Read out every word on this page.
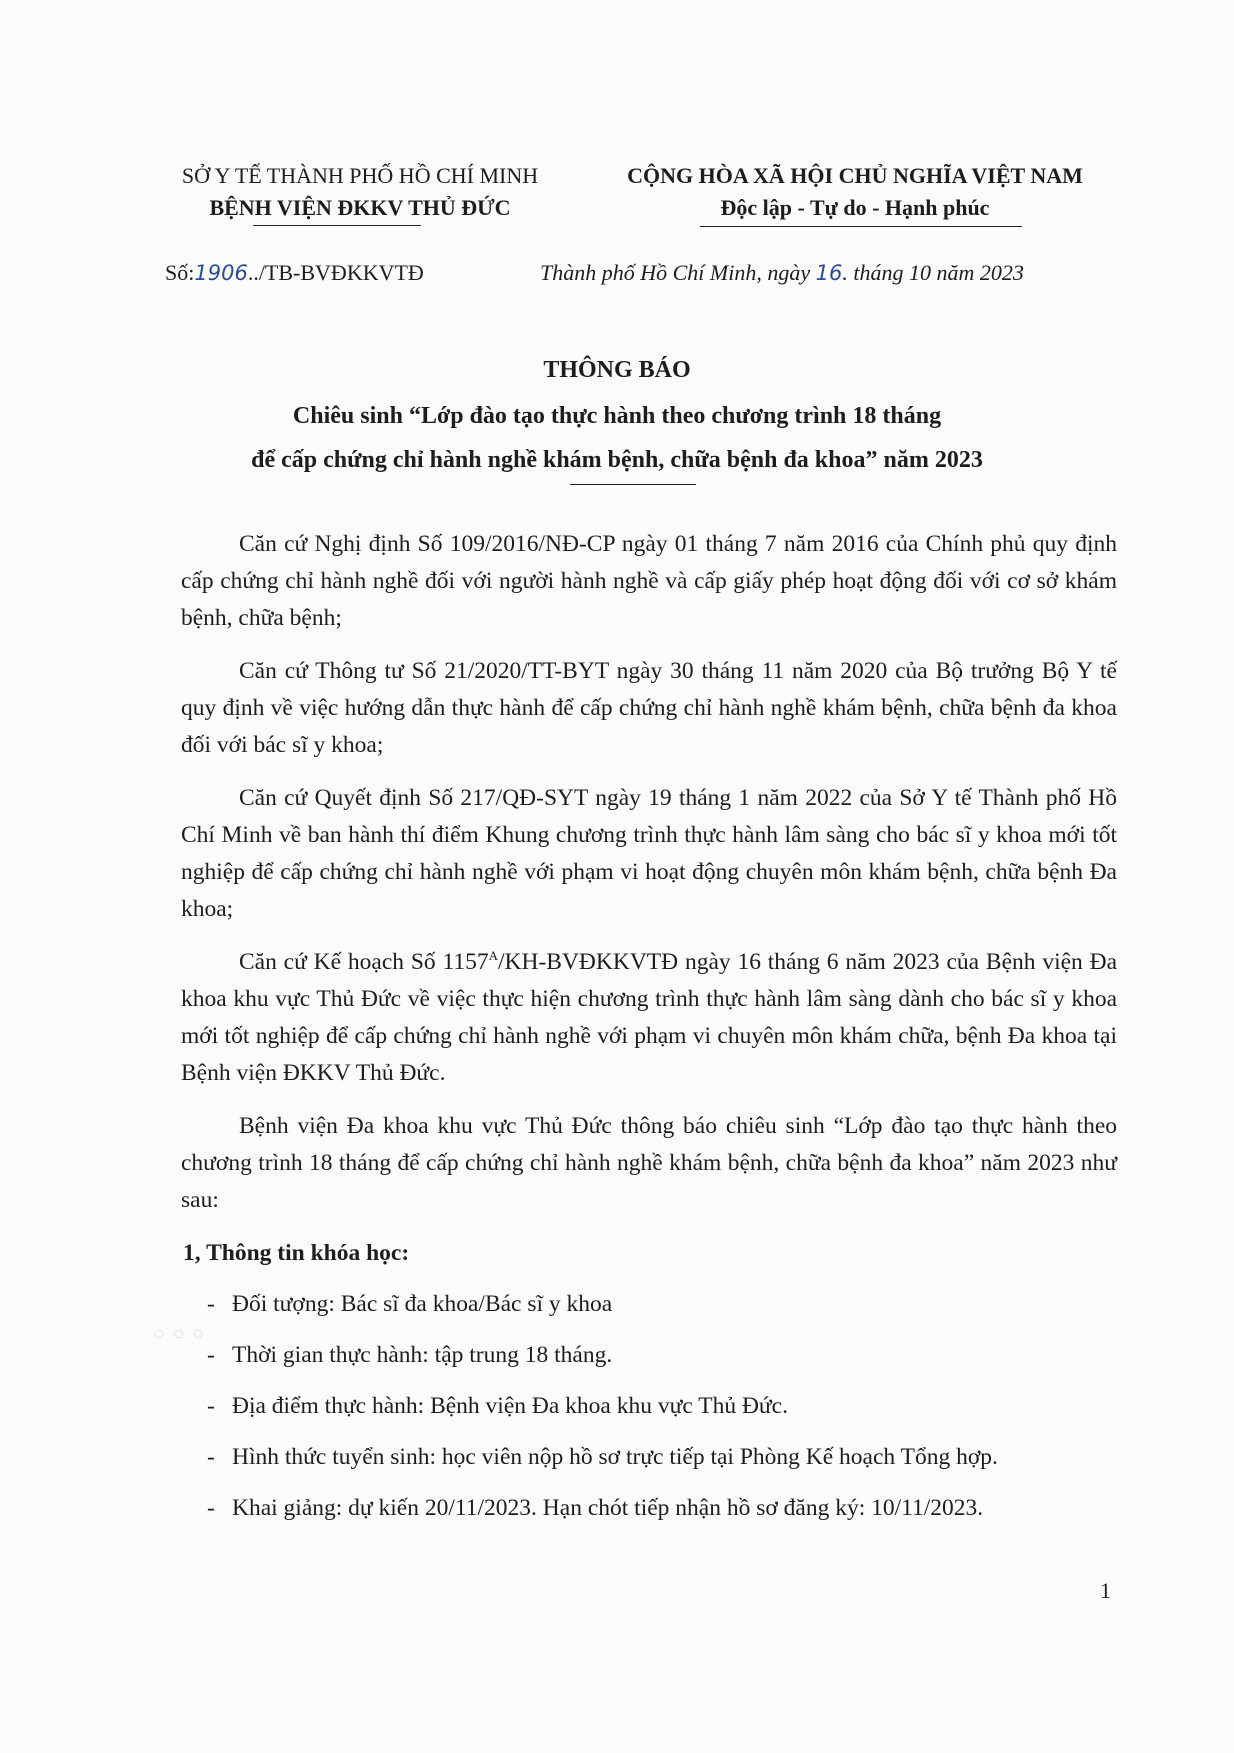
SỞ Y TẾ THÀNH PHỐ HỒ CHÍ MINH
BỆNH VIỆN ĐKKV THỦ ĐỨC
CỘNG HÒA XÃ HỘI CHỦ NGHĨA VIỆT NAM
Độc lập - Tự do - Hạnh phúc
Số:1906../TB-BVĐKKVTĐ	Thành phố Hồ Chí Minh, ngày 16. tháng 10 năm 2023
THÔNG BÁO
Chiêu sinh “Lớp đào tạo thực hành theo chương trình 18 tháng
để cấp chứng chỉ hành nghề khám bệnh, chữa bệnh đa khoa” năm 2023

Căn cứ Nghị định Số 109/2016/NĐ-CP ngày 01 tháng 7 năm 2016 của Chính phủ quy định cấp chứng chỉ hành nghề đối với người hành nghề và cấp giấy phép hoạt động đối với cơ sở khám bệnh, chữa bệnh;

Căn cứ Thông tư Số 21/2020/TT-BYT ngày 30 tháng 11 năm 2020 của Bộ trưởng Bộ Y tế quy định về việc hướng dẫn thực hành để cấp chứng chỉ hành nghề khám bệnh, chữa bệnh đa khoa đối với bác sĩ y khoa;

Căn cứ Quyết định Số 217/QĐ-SYT ngày 19 tháng 1 năm 2022 của Sở Y tế Thành phố Hồ Chí Minh về ban hành thí điểm Khung chương trình thực hành lâm sàng cho bác sĩ y khoa mới tốt nghiệp để cấp chứng chỉ hành nghề với phạm vi hoạt động chuyên môn khám bệnh, chữa bệnh Đa khoa;

Căn cứ Kế hoạch Số $1157^A/KH$-BVĐKKVTĐ ngày 16 tháng 6 năm 2023 của Bệnh viện Đa khoa khu vực Thủ Đức về việc thực hiện chương trình thực hành lâm sàng dành cho bác sĩ y khoa mới tốt nghiệp để cấp chứng chỉ hành nghề với phạm vi chuyên môn khám chữa, bệnh Đa khoa tại Bệnh viện ĐKKV Thủ Đức.

Bệnh viện Đa khoa khu vực Thủ Đức thông báo chiêu sinh “Lớp đào tạo thực hành theo chương trình 18 tháng để cấp chứng chỉ hành nghề khám bệnh, chữa bệnh đa khoa” năm 2023 như sau:

1, Thông tin khóa học:
- Đối tượng: Bác sĩ đa khoa/Bác sĩ y khoa
- Thời gian thực hành: tập trung 18 tháng.
- Địa điểm thực hành: Bệnh viện Đa khoa khu vực Thủ Đức.
- Hình thức tuyển sinh: học viên nộp hồ sơ trực tiếp tại Phòng Kế hoạch Tổng hợp.
- Khai giảng: dự kiến 20/11/2023. Hạn chót tiếp nhận hồ sơ đăng ký: 10/11/2023.
◦◦◦
1
